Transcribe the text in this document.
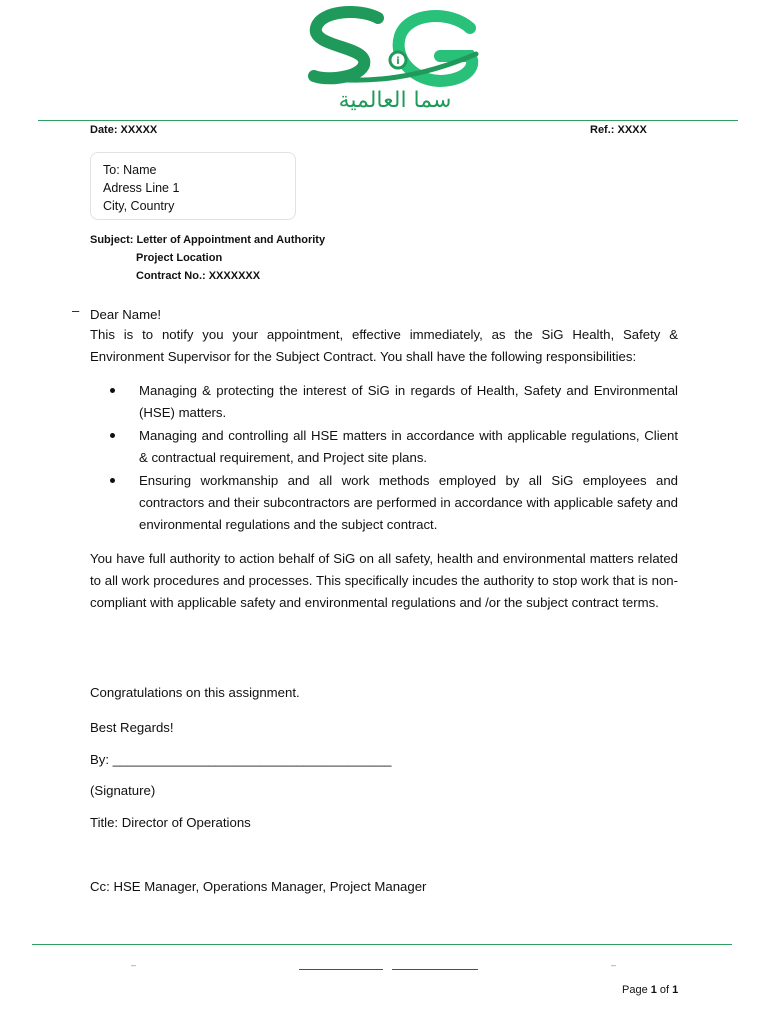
i
سما العالمية
Date: XXXXX	Ref.: XXXX
To: Name
Adress Line 1
City, Country
Subject: Letter of Appointment and Authority
Project Location
Contract No.: XXXXXXX
– Dear Name!
This is to notify you your appointment, effective immediately, as the SiG Health, Safety & Environment Supervisor for the Subject Contract. You shall have the following responsibilities:
Managing & protecting the interest of SiG in regards of Health, Safety and Environmental (HSE) matters.
Managing and controlling all HSE matters in accordance with applicable regulations, Client & contractual requirement, and Project site plans.
Ensuring workmanship and all work methods employed by all SiG employees and contractors and their subcontractors are performed in accordance with applicable safety and environmental regulations and the subject contract.
You have full authority to action behalf of SiG on all safety, health and environmental matters related to all work procedures and processes. This specifically incudes the authority to stop work that is non-compliant with applicable safety and environmental regulations and /or the subject contract terms.
Congratulations on this assignment.
Best Regards!
By: ______________________________________
(Signature)
Title: Director of Operations
Cc: HSE Manager, Operations Manager, Project Manager
–	–
Page 1 of 1
